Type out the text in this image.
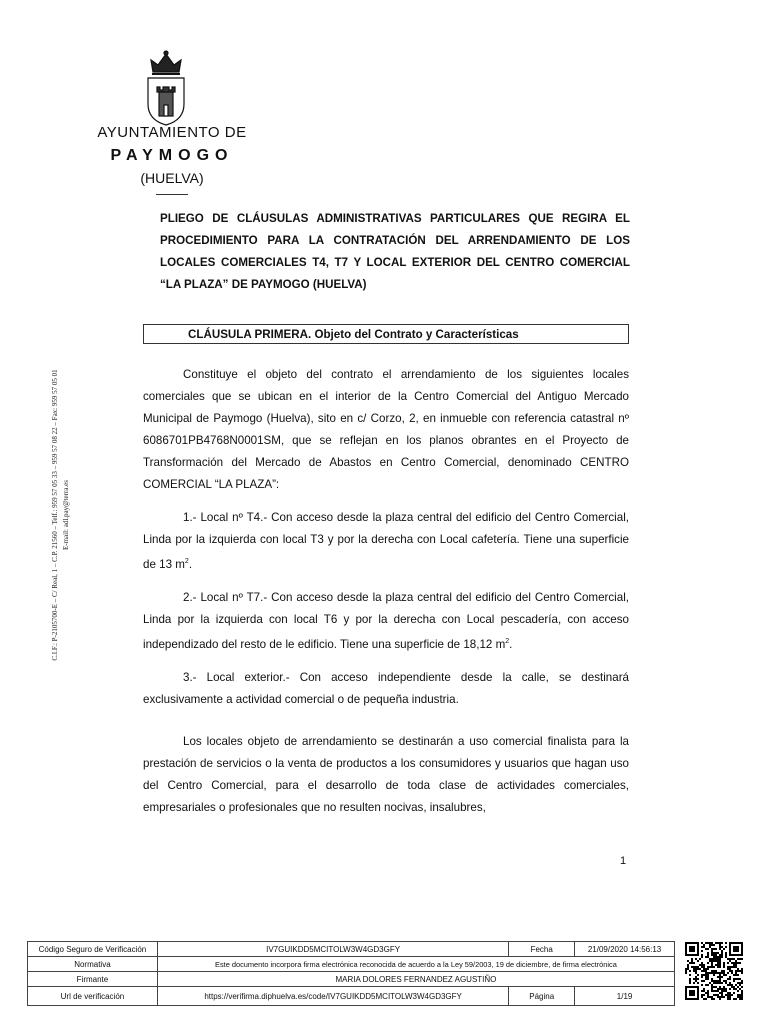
AYUNTAMIENTO DE
PAYMOGO
(HUELVA)
PLIEGO DE CLÁUSULAS ADMINISTRATIVAS PARTICULARES QUE REGIRA EL PROCEDIMIENTO PARA LA CONTRATACIÓN DEL ARRENDAMIENTO DE LOS LOCALES COMERCIALES T4, T7 Y LOCAL EXTERIOR DEL CENTRO COMERCIAL “LA PLAZA” DE PAYMOGO (HUELVA)
CLÁUSULA PRIMERA. Objeto del Contrato y Características
C.I.F.: P-2105700-E – C/ Real, 1 – C.P. 21560 – Telf.: 959 57 05 33 – 959 57 08 22 – Fax: 959 57 05 01 E-mail: adl.pay@terra.es

Constituye el objeto del contrato el arrendamiento de los siguientes locales comerciales que se ubican en el interior de la Centro Comercial del Antiguo Mercado Municipal de Paymogo (Huelva), sito en c/ Corzo, 2, en inmueble con referencia catastral nº 6086701PB4768N0001SM, que se reflejan en los planos obrantes en el Proyecto de Transformación del Mercado de Abastos en Centro Comercial, denominado CENTRO COMERCIAL “LA PLAZA”:

1.- Local nº T4.- Con acceso desde la plaza central del edificio del Centro Comercial, Linda por la izquierda con local T3 y por la derecha con Local cafetería. Tiene una superficie de 13 $m^2$.

2.- Local nº T7.- Con acceso desde la plaza central del edificio del Centro Comercial, Linda por la izquierda con local T6 y por la derecha con Local pescadería, con acceso independizado del resto de le edificio. Tiene una superficie de 18,12 $m^2$.

3.- Local exterior.- Con acceso independiente desde la calle, se destinará exclusivamente a actividad comercial o de pequeña industria.

Los locales objeto de arrendamiento se destinarán a uso comercial finalista para la prestación de servicios o la venta de productos a los consumidores y usuarios que hagan uso del Centro Comercial, para el desarrollo de toda clase de actividades comerciales, empresariales o profesionales que no resulten nocivas, insalubres,

1
Código Seguro de Verificación	IV7GUIKDD5MCITOLW3W4GD3GFY	Fecha	21/09/2020 14:56:13
Normativa	Este documento incorpora firma electrónica reconocida de acuerdo a la Ley 59/2003, 19 de diciembre, de firma electrónica		
Firmante	MARIA DOLORES FERNANDEZ AGUSTIÑO		
Url de verificación	https://verifirma.diphuelva.es/code/IV7GUIKDD5MCITOLW3W4GD3GFY	Página	1/19
